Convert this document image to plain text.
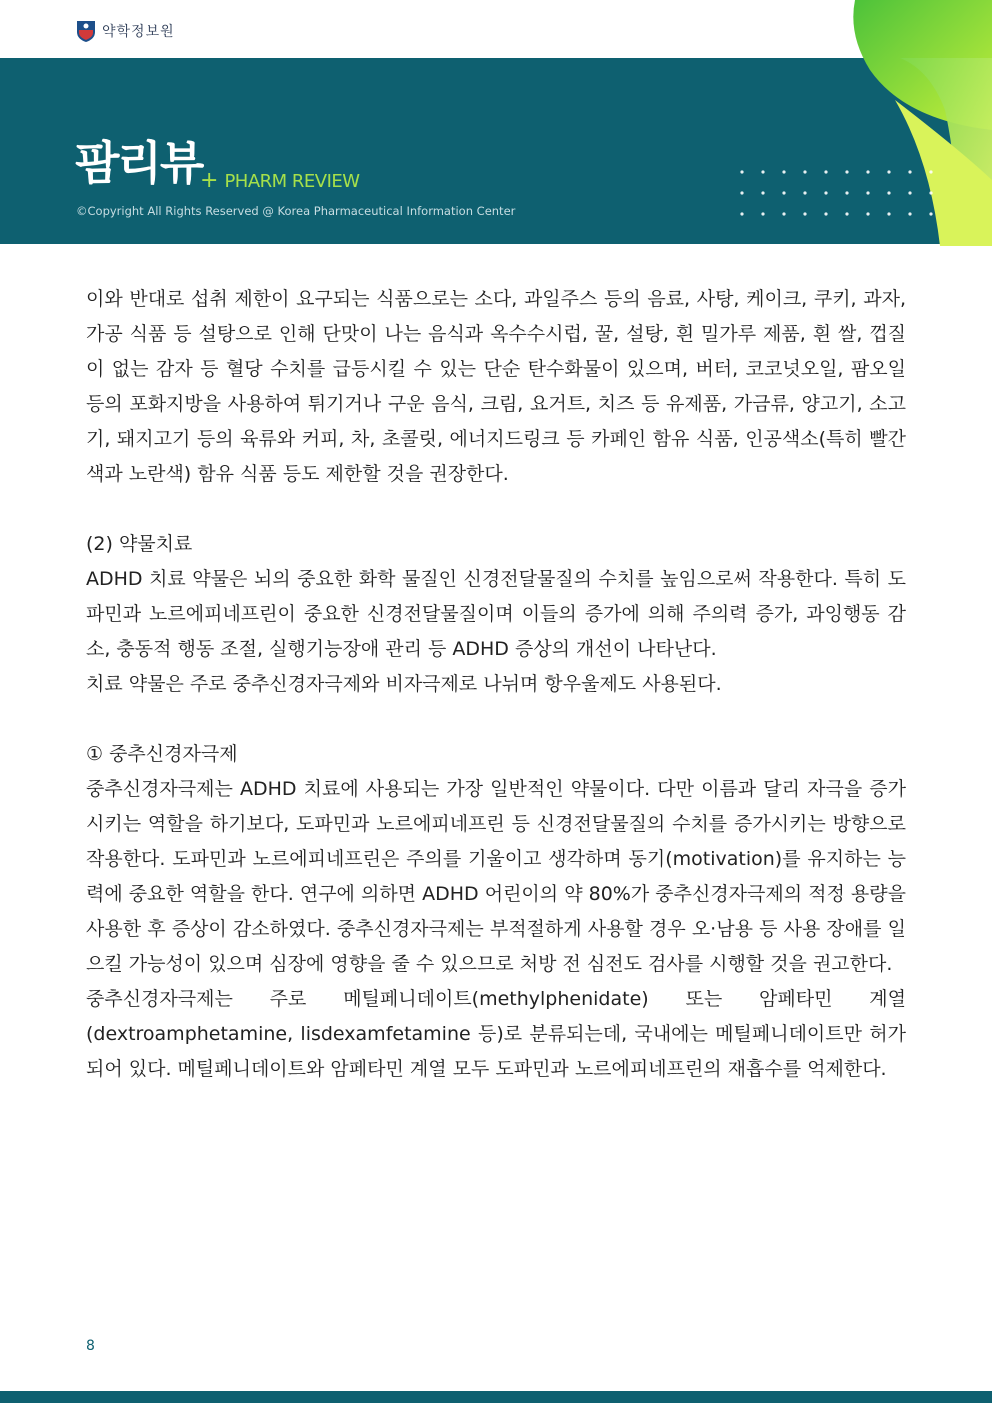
약학정보원
팜리뷰
+ PHARM REVIEW
©Copyright All Rights Reserved @ Korea Pharmaceutical Information Center

이와 반대로 섭취 제한이 요구되는 식품으로는 소다, 과일주스 등의 음료, 사탕, 케이크, 쿠키, 과자, 가공 식품 등 설탕으로 인해 단맛이 나는 음식과 옥수수시럽, 꿀, 설탕, 흰 밀가루 제품, 흰 쌀, 껍질이 없는 감자 등 혈당 수치를 급등시킬 수 있는 단순 탄수화물이 있으며, 버터, 코코넛오일, 팜오일 등의 포화지방을 사용하여 튀기거나 구운 음식, 크림, 요거트, 치즈 등 유제품, 가금류, 양고기, 소고기, 돼지고기 등의 육류와 커피, 차, 초콜릿, 에너지드링크 등 카페인 함유 식품, 인공색소(특히 빨간색과 노란색) 함유 식품 등도 제한할 것을 권장한다.

(2) 약물치료

ADHD 치료 약물은 뇌의 중요한 화학 물질인 신경전달물질의 수치를 높임으로써 작용한다. 특히 도파민과 노르에피네프린이 중요한 신경전달물질이며 이들의 증가에 의해 주의력 증가, 과잉행동 감소, 충동적 행동 조절, 실행기능장애 관리 등 ADHD 증상의 개선이 나타난다.

치료 약물은 주로 중추신경자극제와 비자극제로 나뉘며 항우울제도 사용된다.

① 중추신경자극제

중추신경자극제는 ADHD 치료에 사용되는 가장 일반적인 약물이다. 다만 이름과 달리 자극을 증가시키는 역할을 하기보다, 도파민과 노르에피네프린 등 신경전달물질의 수치를 증가시키는 방향으로 작용한다. 도파민과 노르에피네프린은 주의를 기울이고 생각하며 동기(motivation)를 유지하는 능력에 중요한 역할을 한다. 연구에 의하면 ADHD 어린이의 약 80%가 중추신경자극제의 적정 용량을 사용한 후 증상이 감소하였다. 중추신경자극제는 부적절하게 사용할 경우 오·남용 등 사용 장애를 일으킬 가능성이 있으며 심장에 영향을 줄 수 있으므로 처방 전 심전도 검사를 시행할 것을 권고한다.

중추신경자극제는 주로 메틸페니데이트(methylphenidate) 또는 암페타민 계열(dextroamphetamine, lisdexamfetamine 등)로 분류되는데, 국내에는 메틸페니데이트만 허가되어 있다. 메틸페니데이트와 암페타민 계열 모두 도파민과 노르에피네프린의 재흡수를 억제한다.

8
